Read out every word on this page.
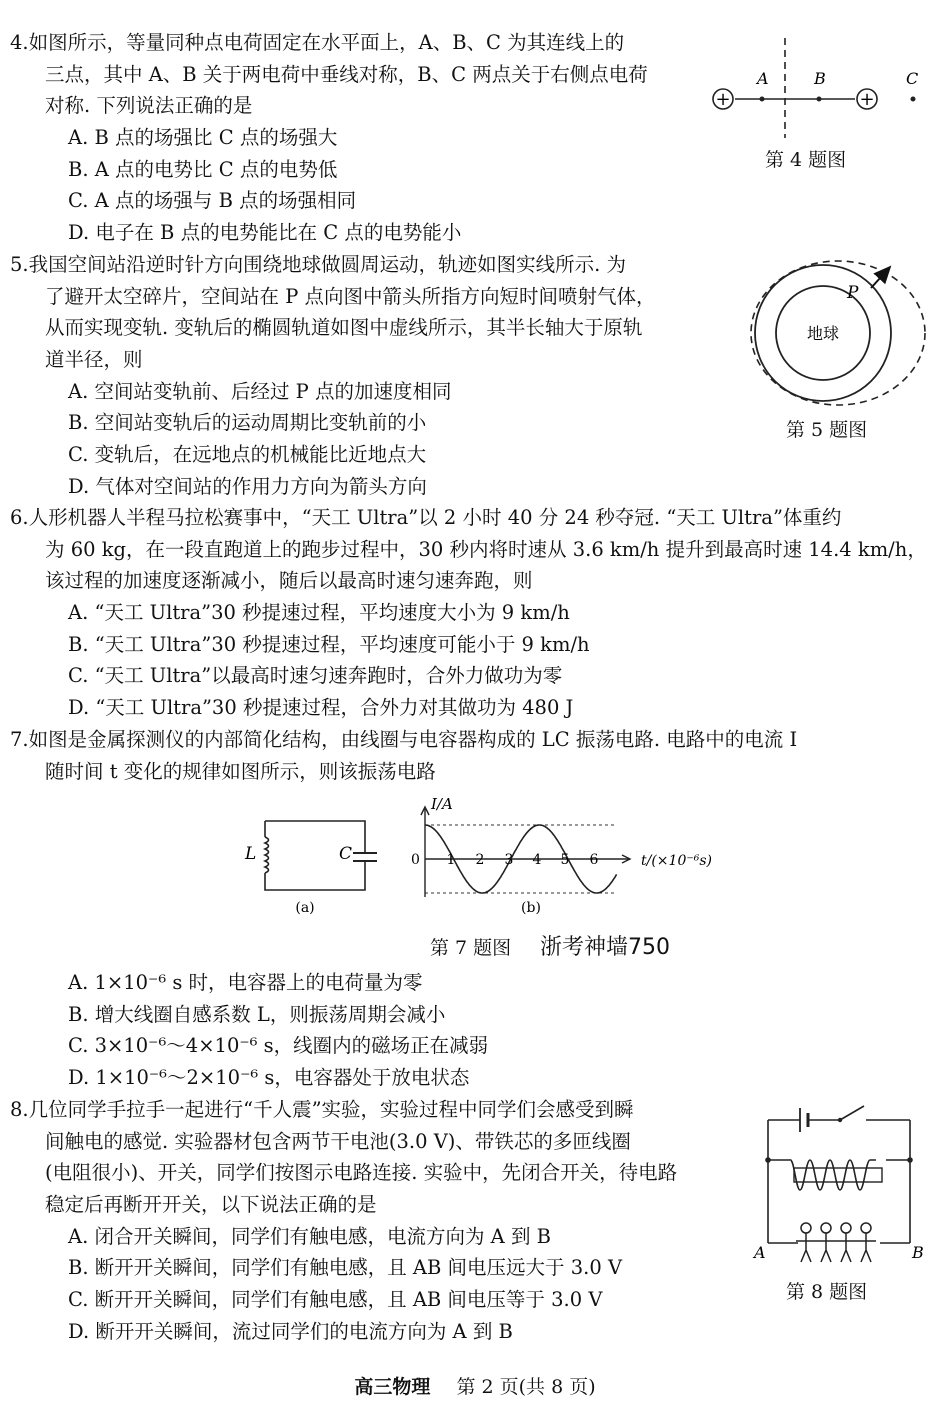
4.如图所示，等量同种点电荷固定在水平面上，A、B、C 为其连线上的
三点，其中 A、B 关于两电荷中垂线对称，B、C 两点关于右侧点电荷
对称. 下列说法正确的是
A. B 点的场强比 C 点的场强大
B. A 点的电势比 C 点的电势低
C. A 点的场强与 B 点的场强相同
D. 电子在 B 点的电势能比在 C 点的电势能小
+	+
A	B	C
第 4 题图
5.我国空间站沿逆时针方向围绕地球做圆周运动，轨迹如图实线所示. 为
了避开太空碎片，空间站在 P 点向图中箭头所指方向短时间喷射气体，
从而实现变轨. 变轨后的椭圆轨道如图中虚线所示，其半长轴大于原轨
道半径，则
A. 空间站变轨前、后经过 P 点的加速度相同
B. 空间站变轨后的运动周期比变轨前的小
C. 变轨后，在远地点的机械能比近地点大
D. 气体对空间站的作用力方向为箭头方向
地球
P
第 5 题图
6.人形机器人半程马拉松赛事中，“天工 Ultra”以 2 小时 40 分 24 秒夺冠. “天工 Ultra”体重约
为 60 kg，在一段直跑道上的跑步过程中，30 秒内将时速从 3.6 km/h 提升到最高时速 14.4 km/h，
该过程的加速度逐渐减小，随后以最高时速匀速奔跑，则
A. “天工 Ultra”30 秒提速过程，平均速度大小为 9 km/h
B. “天工 Ultra”30 秒提速过程，平均速度可能小于 9 km/h
C. “天工 Ultra”以最高时速匀速奔跑时，合外力做功为零
D. “天工 Ultra”30 秒提速过程，合外力对其做功为 480 J
7.如图是金属探测仪的内部简化结构，由线圈与电容器构成的 LC 振荡电路. 电路中的电流 I
随时间 t 变化的规律如图所示，则该振荡电路
L	C
(a)
I/A
0 1 2 3 4 5 6	t/(×10⁻⁶s)
(b)
第 7 题图 浙考神墙750
A. 1×10⁻⁶ s 时，电容器上的电荷量为零
B. 增大线圈自感系数 L，则振荡周期会减小
C. 3×10⁻⁶～4×10⁻⁶ s，线圈内的磁场正在减弱
D. 1×10⁻⁶～2×10⁻⁶ s，电容器处于放电状态
8.几位同学手拉手一起进行“千人震”实验，实验过程中同学们会感受到瞬
间触电的感觉. 实验器材包含两节干电池(3.0 V)、带铁芯的多匝线圈
(电阻很小)、开关，同学们按图示电路连接. 实验中，先闭合开关，待电路
稳定后再断开开关，以下说法正确的是
A. 闭合开关瞬间，同学们有触电感，电流方向为 A 到 B
B. 断开开关瞬间，同学们有触电感，且 AB 间电压远大于 3.0 V
C. 断开开关瞬间，同学们有触电感，且 AB 间电压等于 3.0 V
D. 断开开关瞬间，流过同学们的电流方向为 A 到 B
A	B
第 8 题图
高三物理 第 2 页(共 8 页)
